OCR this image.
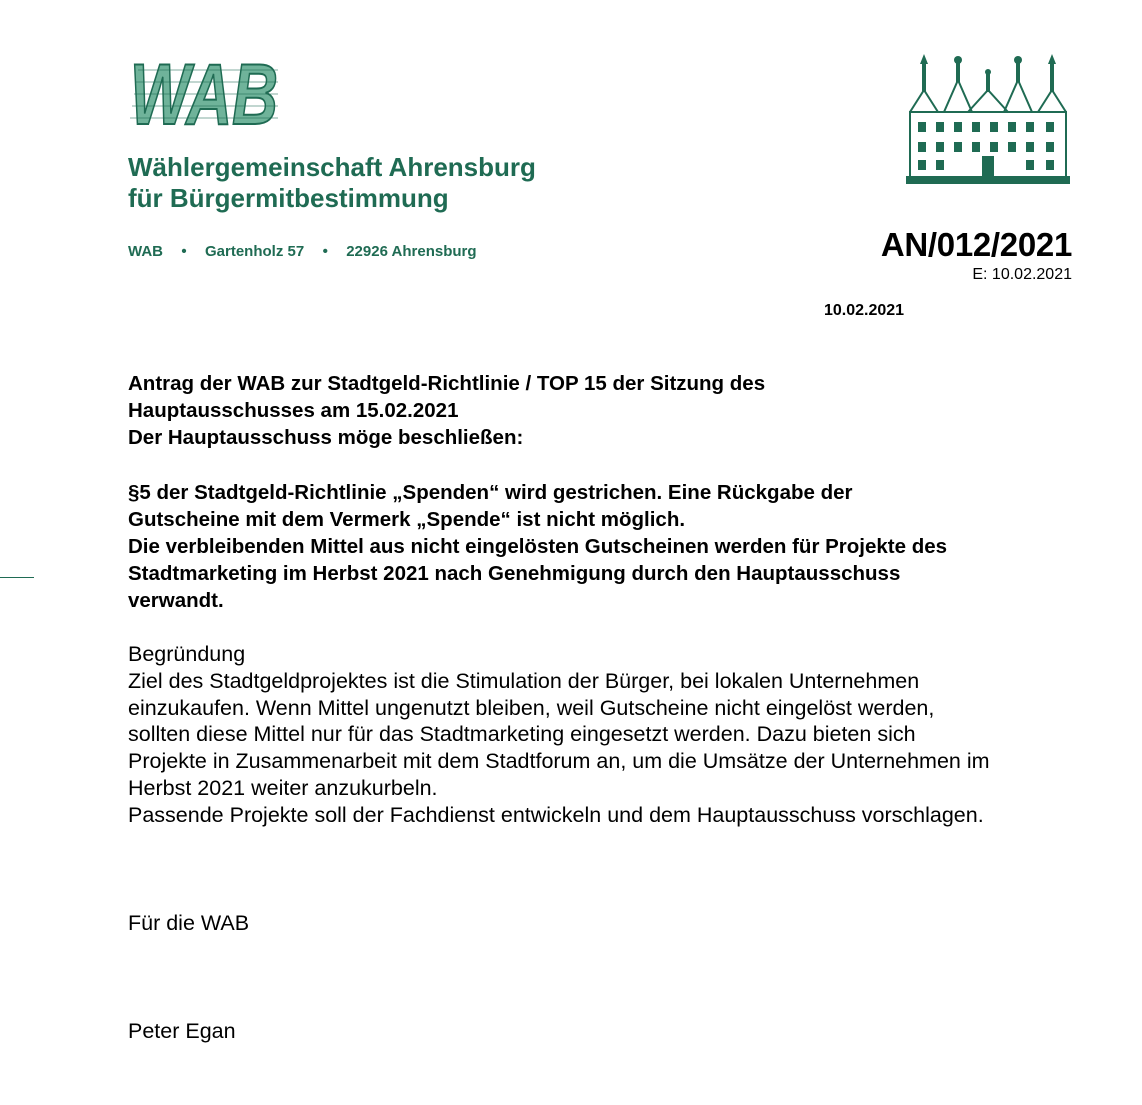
WAB
Wählergemeinschaft Ahrensburg
für Bürgermitbestimmung
WAB • Gartenholz 57 • 22926 Ahrensburg	AN/012/2021
E: 10.02.2021
10.02.2021
Antrag der WAB zur Stadtgeld-Richtlinie / TOP 15 der Sitzung des
Hauptausschusses am 15.02.2021
Der Hauptausschuss möge beschließen:
§5 der Stadtgeld-Richtlinie „Spenden“ wird gestrichen. Eine Rückgabe der
Gutscheine mit dem Vermerk „Spende“ ist nicht möglich.
Die verbleibenden Mittel aus nicht eingelösten Gutscheinen werden für Projekte des
Stadtmarketing im Herbst 2021 nach Genehmigung durch den Hauptausschuss
verwandt.
Begründung
Ziel des Stadtgeldprojektes ist die Stimulation der Bürger, bei lokalen Unternehmen
einzukaufen. Wenn Mittel ungenutzt bleiben, weil Gutscheine nicht eingelöst werden,
sollten diese Mittel nur für das Stadtmarketing eingesetzt werden. Dazu bieten sich
Projekte in Zusammenarbeit mit dem Stadtforum an, um die Umsätze der Unternehmen im
Herbst 2021 weiter anzukurbeln.
Passende Projekte soll der Fachdienst entwickeln und dem Hauptausschuss vorschlagen.
Für die WAB
Peter Egan
